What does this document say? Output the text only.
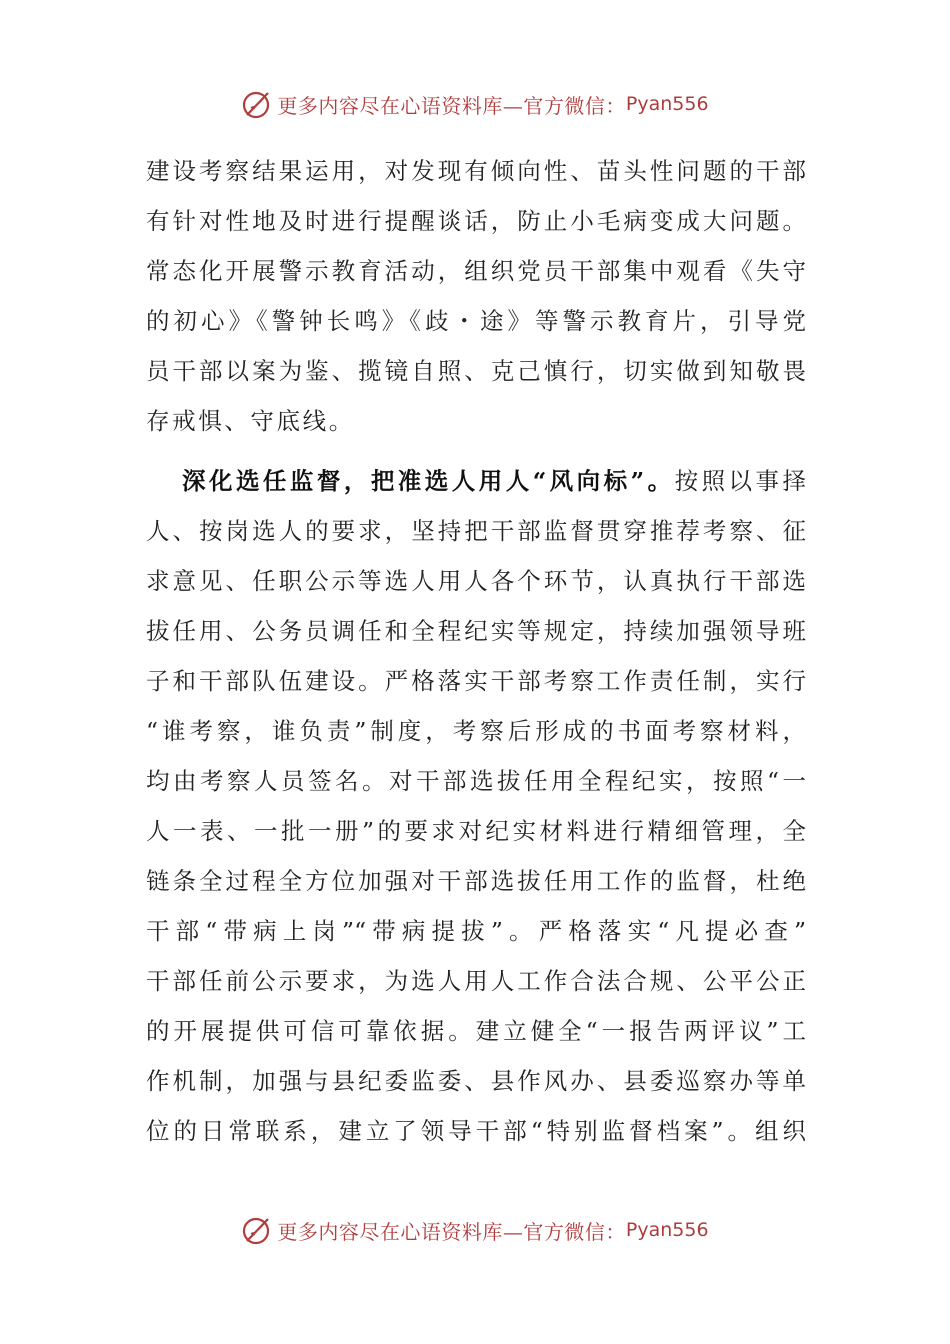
更多内容尽在心语资料库—官方微信： Pyan556
建设考察结果运用，对发现有倾向性、苗头性问题的干部
有针对性地及时进行提醒谈话，防止小毛病变成大问题。
常态化开展警示教育活动，组织党员干部集中观看《失守
的初心》《警钟长鸣》《歧・途》等警示教育片，引导党
员干部以案为鉴、揽镜自照、克己慎行，切实做到知敬畏
存戒惧、守底线。
深化选任监督，把准选人用人“风向标”。按照以事择
人、按岗选人的要求，坚持把干部监督贯穿推荐考察、征
求意见、任职公示等选人用人各个环节，认真执行干部选
拔任用、公务员调任和全程纪实等规定，持续加强领导班
子和干部队伍建设。严格落实干部考察工作责任制，实行
“谁考察，谁负责”制度，考察后形成的书面考察材料，
均由考察人员签名。对干部选拔任用全程纪实，按照“一
人一表、一批一册”的要求对纪实材料进行精细管理，全
链条全过程全方位加强对干部选拔任用工作的监督，杜绝
干部“带病上岗”“带病提拔”。严格落实“凡提必查”
干部任前公示要求，为选人用人工作合法合规、公平公正
的开展提供可信可靠依据。建立健全“一报告两评议”工
作机制，加强与县纪委监委、县作风办、县委巡察办等单
位的日常联系，建立了领导干部“特别监督档案”。组织
更多内容尽在心语资料库—官方微信： Pyan556
